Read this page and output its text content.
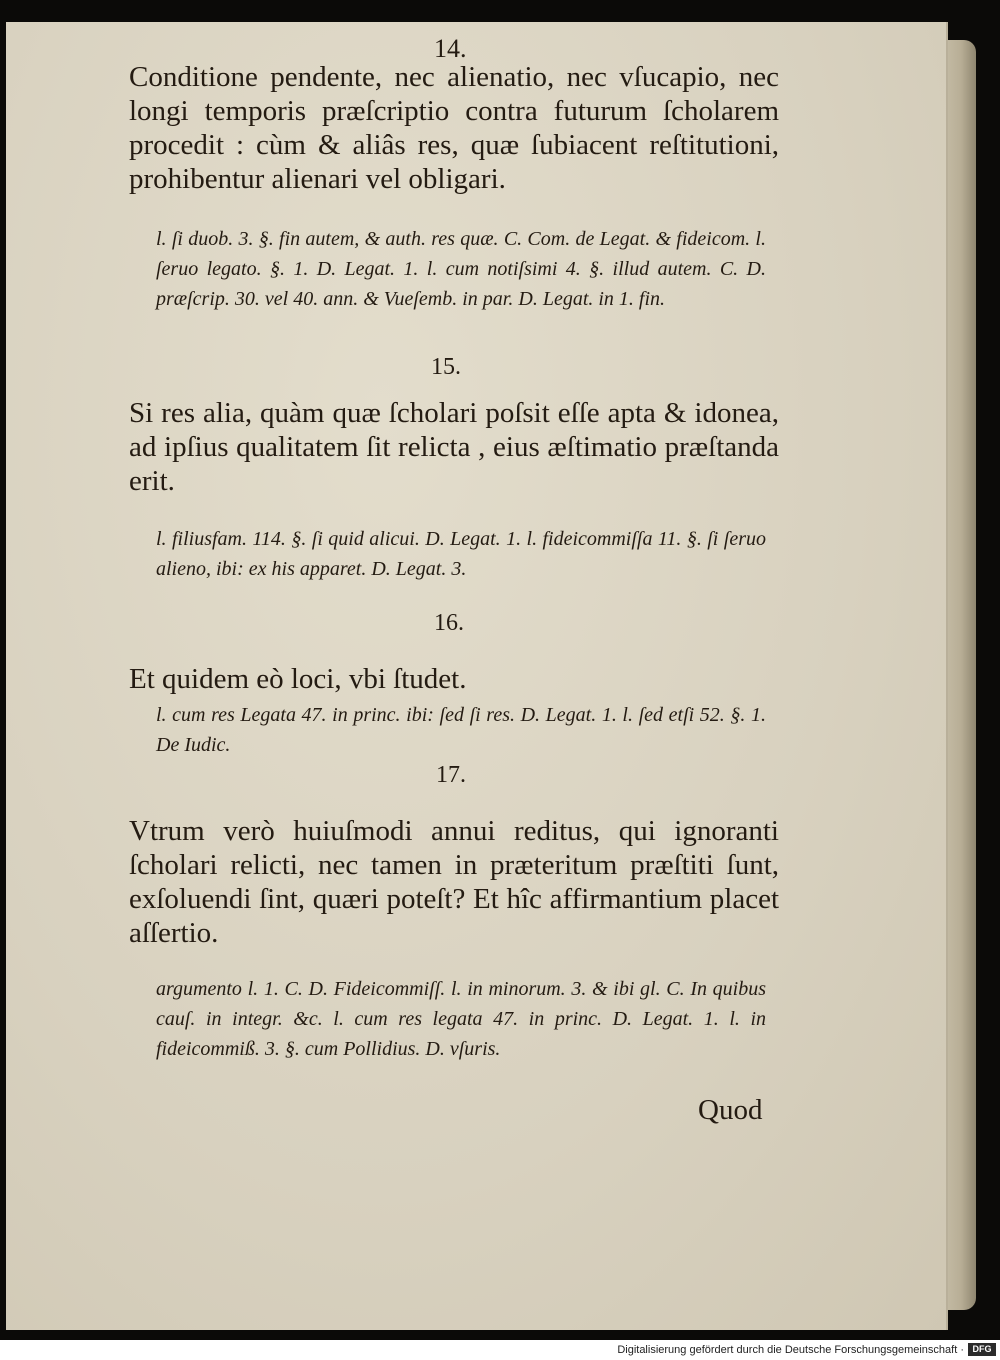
14.
Conditione pendente, nec alienatio, nec vſucapio, nec longi temporis præſcriptio contra futurum ſcholarem procedit : cùm & aliâs res, quæ ſubiacent reſtitutioni, prohibentur alienari vel obligari.
l. ſi duob. 3. §. fin autem, & auth. res quæ. C. Com. de Legat. & fideicom. l. ſeruo legato. §. 1. D. Legat. 1. l. cum notiſsimi 4. §. illud autem. C. D. præſcrip. 30. vel 40. ann. & Vueſemb. in par. D. Legat. in 1. fin.
15.
Si res alia, quàm quæ ſcholari poſsit eſſe apta & idonea, ad ipſius qualitatem ſit relicta , eius æſtimatio præſtanda erit.
l. filiusfam. 114. §. ſi quid alicui. D. Legat. 1. l. fideicommiſſa 11. §. ſi ſeruo alieno, ibi: ex his apparet. D. Legat. 3.
16.
Et quidem eò loci, vbi ſtudet.
l. cum res Legata 47. in princ. ibi: ſed ſi res. D. Legat. 1. l. ſed etſi 52. §. 1. De Iudic.
17.
Vtrum verò huiuſmodi annui reditus, qui ignoranti ſcholari relicti, nec tamen in præteritum præſtiti ſunt, exſoluendi ſint, quæri poteſt? Et hîc affirmantium placet aſſertio.
argumento l. 1. C. D. Fideicommiſſ. l. in minorum. 3. & ibi gl. C. In quibus cauſ. in integr. &c. l. cum res legata 47. in princ. D. Legat. 1. l. in fideicommiß. 3. §. cum Pollidius. D. vſuris.
Quod
Digitalisierung gefördert durch die Deutsche Forschungsgemeinschaft · DFG
